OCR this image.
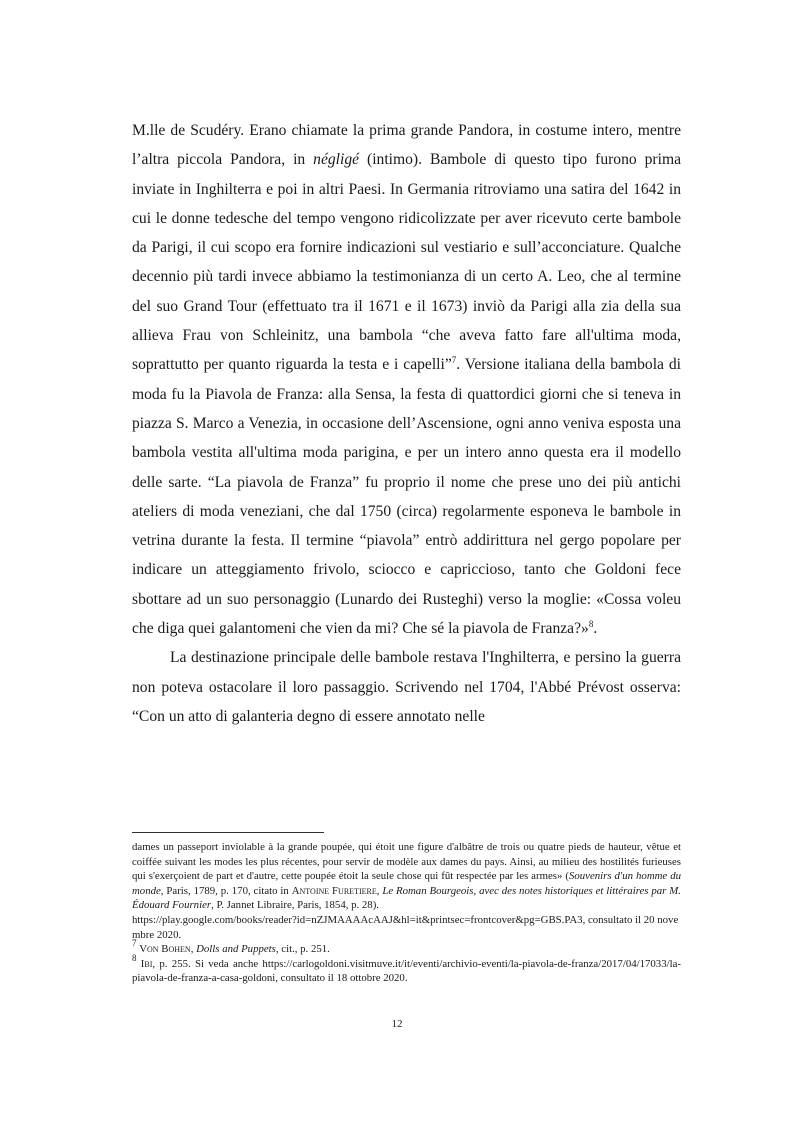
M.lle de Scudéry. Erano chiamate la prima grande Pandora, in costume intero, mentre l’altra piccola Pandora, in négligé (intimo). Bambole di questo tipo furono prima inviate in Inghilterra e poi in altri Paesi. In Germania ritroviamo una satira del 1642 in cui le donne tedesche del tempo vengono ridicolizzate per aver ricevuto certe bambole da Parigi, il cui scopo era fornire indicazioni sul vestiario e sull’acconciature. Qualche decennio più tardi invece abbiamo la testimonianza di un certo A. Leo, che al termine del suo Grand Tour (effettuato tra il 1671 e il 1673) inviò da Parigi alla zia della sua allieva Frau von Schleinitz, una bambola “che aveva fatto fare all'ultima moda, soprattutto per quanto riguarda la testa e i capelli”$^7$. Versione italiana della bambola di moda fu la Piavola de Franza: alla Sensa, la festa di quattordici giorni che si teneva in piazza S. Marco a Venezia, in occasione dell’Ascensione, ogni anno veniva esposta una bambola vestita all'ultima moda parigina, e per un intero anno questa era il modello delle sarte. “La piavola de Franza” fu proprio il nome che prese uno dei più antichi ateliers di moda veneziani, che dal 1750 (circa) regolarmente esponeva le bambole in vetrina durante la festa. Il termine “piavola” entrò addirittura nel gergo popolare per indicare un atteggiamento frivolo, sciocco e capriccioso, tanto che Goldoni fece sbottare ad un suo personaggio (Lunardo dei Rusteghi) verso la moglie: «Cossa voleu che diga quei galantomeni che vien da mi? Che sé la piavola de Franza?»$^8$.

La destinazione principale delle bambole restava l'Inghilterra, e persino la guerra non poteva ostacolare il loro passaggio. Scrivendo nel 1704, l'Abbé Prévost osserva: “Con un atto di galanteria degno di essere annotato nelle

dames un passeport inviolable à la grande poupée, qui étoit une figure d'albâtre de trois ou quatre pieds de hauteur, vêtue et coiffée suivant les modes les plus récentes, pour servir de modèle aux dames du pays. Ainsi, au milieu des hostilités furieuses qui s'exerçoient de part et d'autre, cette poupée étoit la seule chose qui fût respectée par les armes» (Souvenirs d'un homme du monde, Paris, 1789, p. 170, citato in Antoine Furetiere, Le Roman Bourgeois, avec des notes historiques et littéraires par M. Édouard Fournier, P. Jannet Libraire, Paris, 1854, p. 28).

https://play.google.com/books/reader?id=nZJMAAAAcAAJ&hl=it&printsec=frontcover&pg=GBS.PA3, consultato il 20 novembre 2020.

$^7$ Von Bohen, Dolls and Puppets, cit., p. 251.

$^8$ Ibi, p. 255. Si veda anche https://carlogoldoni.visitmuve.it/it/eventi/archivio-eventi/la-piavola-de-franza/2017/04/17033/la-piavola-de-franza-a-casa-goldoni, consultato il 18 ottobre 2020.

12
